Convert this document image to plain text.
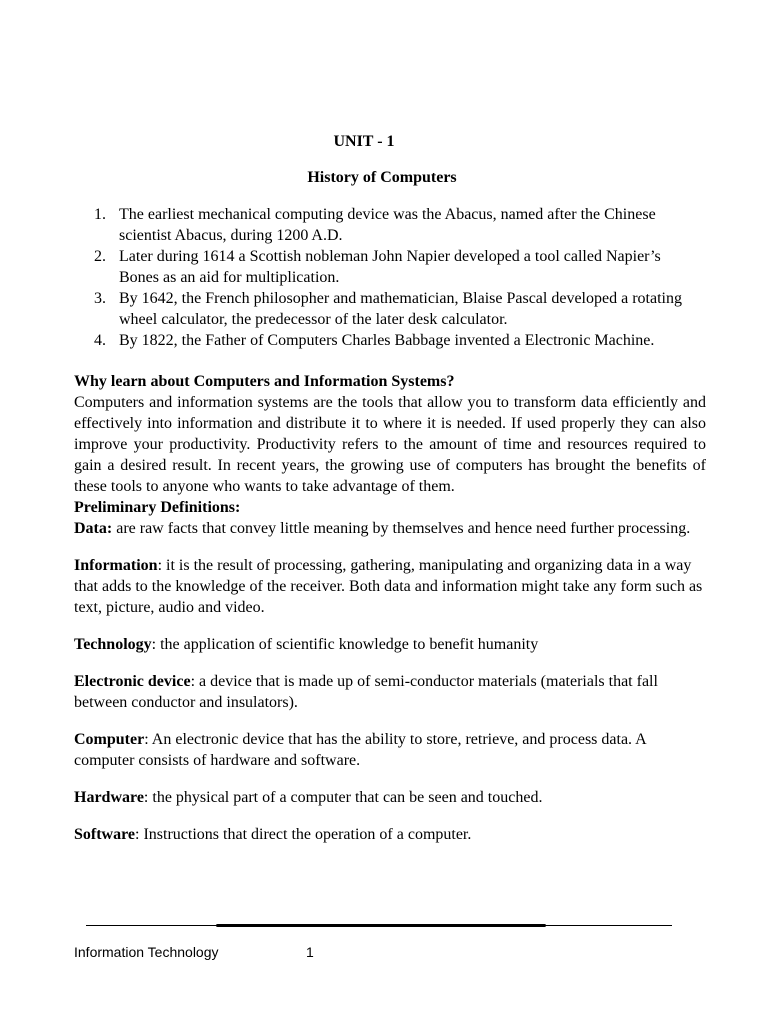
UNIT - 1
History of Computers
1. The earliest mechanical computing device was the Abacus, named after the Chinese scientist Abacus, during 1200 A.D.
2. Later during 1614 a Scottish nobleman John Napier developed a tool called Napier’s Bones as an aid for multiplication.
3. By 1642, the French philosopher and mathematician, Blaise Pascal developed a rotating wheel calculator, the predecessor of the later desk calculator.
4. By 1822, the Father of Computers Charles Babbage invented a Electronic Machine.

Why learn about Computers and Information Systems?

Computers and information systems are the tools that allow you to transform data efficiently and effectively into information and distribute it to where it is needed. If used properly they can also improve your productivity. Productivity refers to the amount of time and resources required to gain a desired result. In recent years, the growing use of computers has brought the benefits of these tools to anyone who wants to take advantage of them.

Preliminary Definitions:

Data: are raw facts that convey little meaning by themselves and hence need further processing.

Information: it is the result of processing, gathering, manipulating and organizing data in a way that adds to the knowledge of the receiver. Both data and information might take any form such as text, picture, audio and video.

Technology: the application of scientific knowledge to benefit humanity

Electronic device: a device that is made up of semi-conductor materials (materials that fall between conductor and insulators).

Computer: An electronic device that has the ability to store, retrieve, and process data. A computer consists of hardware and software.

Hardware: the physical part of a computer that can be seen and touched.

Software: Instructions that direct the operation of a computer.

Information Technology	1
